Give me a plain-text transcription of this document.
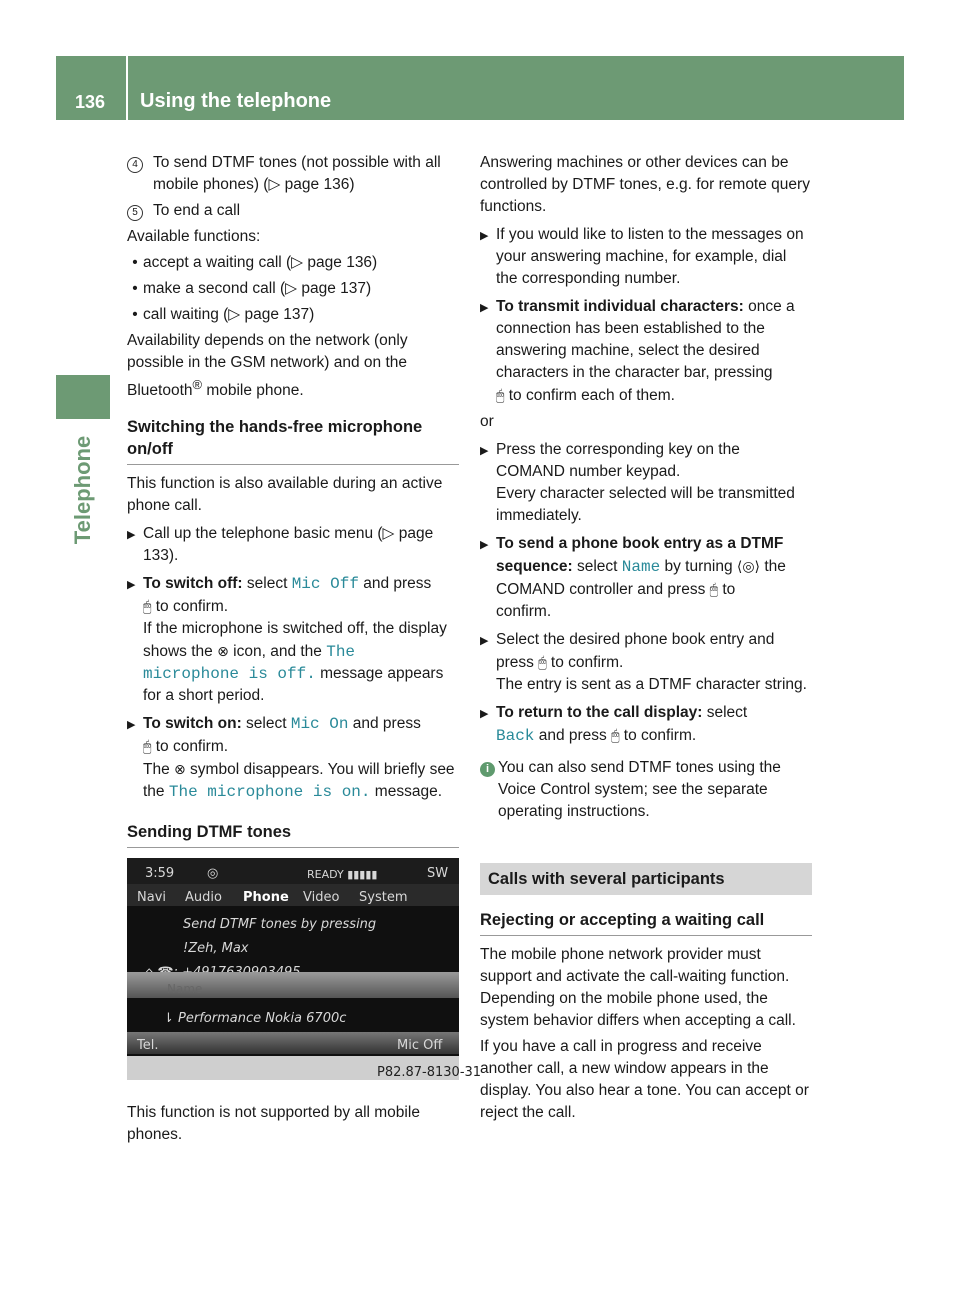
136	Using the telephone
Telephone
4 To send DTMF tones (not possible with all mobile phones) (▷ page 136)
5 To end a call

Available functions:

• accept a waiting call (▷ page 136)
• make a second call (▷ page 137)
• call waiting (▷ page 137)

Availability depends on the network (only possible in the GSM network) and on the Bluetooth® mobile phone.

Switching the hands-free microphone on/off

This function is also available during an active phone call.

▶ Call up the telephone basic menu (▷ page 133).
▶ To switch off: select Mic Off and press
🖱 to confirm.
If the microphone is switched off, the display shows the ⊗ icon, and the The microphone is off. message appears for a short period.
▶ To switch on: select Mic On and press
🖱 to confirm.
The ⊗ symbol disappears. You will briefly see the The microphone is on. message.
Sending DTMF tones
3:59	◎	READY ▮▮▮▮▮	SW
Navi Audio Phone Video System
Send DTMF tones by pressing
!Zeh, Max
Name
⇂ Performance Nokia 6700c
Tel.	Mic Off
P82.87-8130-31

This function is not supported by all mobile phones.

Answering machines or other devices can be controlled by DTMF tones, e.g. for remote query functions.

▶ If you would like to listen to the messages on your answering machine, for example, dial the corresponding number.
▶ To transmit individual characters: once a connection has been established to the answering machine, select the desired characters in the character bar, pressing
🖱 to confirm each of them.

or

▶ Press the corresponding key on the COMAND number keypad.
Every character selected will be transmitted immediately.
▶ To send a phone book entry as a DTMF sequence: select Name by turning ⟨◎⟩ the COMAND controller and press 🖱 to
confirm.
▶ Select the desired phone book entry and press 🖱 to confirm.
The entry is sent as a DTMF character string.
▶ To return to the call display: select
Back and press 🖱 to confirm.
i You can also send DTMF tones using the Voice Control system; see the separate operating instructions.
Calls with several participants
Rejecting or accepting a waiting call

The mobile phone network provider must support and activate the call-waiting function. Depending on the mobile phone used, the system behavior differs when accepting a call.

If you have a call in progress and receive another call, a new window appears in the display. You also hear a tone. You can accept or reject the call.
